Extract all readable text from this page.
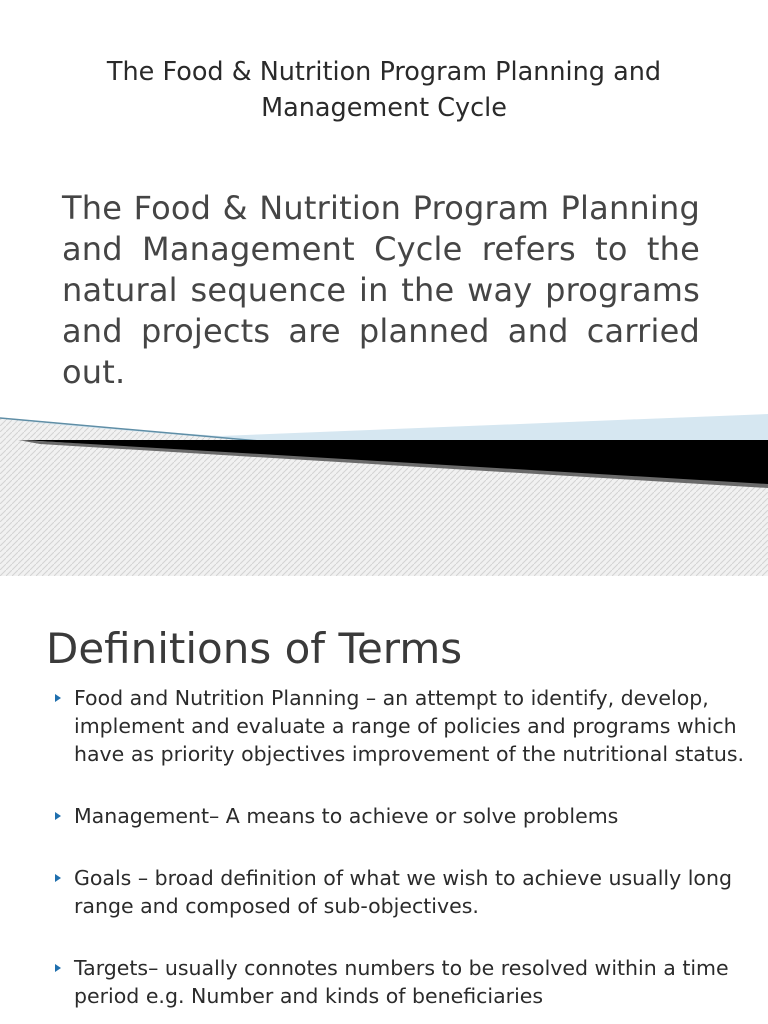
The Food & Nutrition Program Planning and Management Cycle

The Food & Nutrition Program Planning and Management Cycle refers to the natural sequence in the way programs and projects are planned and carried out.

Definitions of Terms
Food and Nutrition Planning – an attempt to identify, develop, implement and evaluate a range of policies and programs which have as priority objectives improvement of the nutritional status.
Management– A means to achieve or solve problems
Goals – broad definition of what we wish to achieve usually long range and composed of sub-objectives.
Targets– usually connotes numbers to be resolved within a time period e.g. Number and kinds of beneficiaries
